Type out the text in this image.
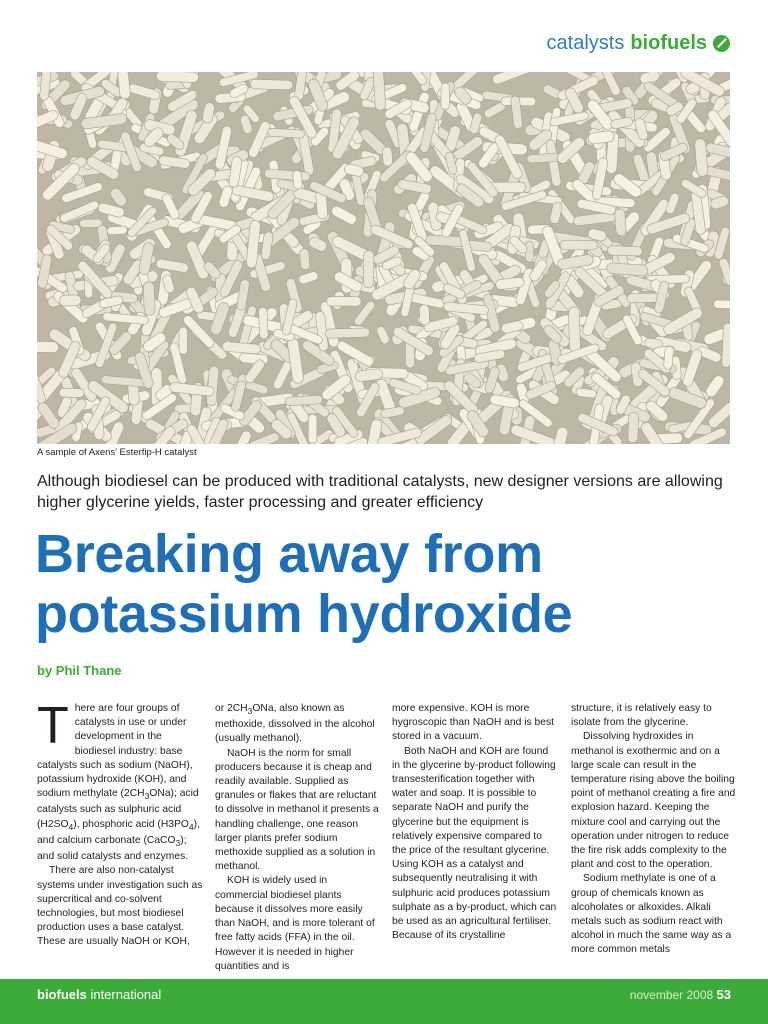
catalysts biofuels
A sample of Axens’ Esterfip-H catalyst
Although biodiesel can be produced with traditional catalysts, new designer versions are allowing higher glycerine yields, faster processing and greater efficiency
Breaking away from
potassium hydroxide
by Phil Thane

There are four groups of catalysts in use or under development in the biodiesel industry: base catalysts such as sodium (NaOH), potassium hydroxide (KOH), and sodium methylate $(2CH_3ONa)$; acid catalysts such as sulphuric acid $(H2SO_4)$, phosphoric acid $(H3PO_4)$, and calcium carbonate (CaCO$_3$); and solid catalysts and enzymes.

There are also non-catalyst systems under investigation such as supercritical and co-solvent technologies, but most biodiesel production uses a base catalyst. These are usually NaOH or KOH,

or $2CH_3ONa$, also known as methoxide, dissolved in the alcohol (usually methanol).

NaOH is the norm for small producers because it is cheap and readily available. Supplied as granules or flakes that are reluctant to dissolve in methanol it presents a handling challenge, one reason larger plants prefer sodium methoxide supplied as a solution in methanol.

KOH is widely used in commercial biodiesel plants because it dissolves more easily than NaOH, and is more tolerant of free fatty acids (FFA) in the oil. However it is needed in higher quantities and is

more expensive. KOH is more hygroscopic than NaOH and is best stored in a vacuum.

Both NaOH and KOH are found in the glycerine by-product following transesterification together with water and soap. It is possible to separate NaOH and purify the glycerine but the equipment is relatively expensive compared to the price of the resultant glycerine. Using KOH as a catalyst and subsequently neutralising it with sulphuric acid produces potassium sulphate as a by-product, which can be used as an agricultural fertiliser. Because of its crystalline

structure, it is relatively easy to isolate from the glycerine.

Dissolving hydroxides in methanol is exothermic and on a large scale can result in the temperature rising above the boiling point of methanol creating a fire and explosion hazard. Keeping the mixture cool and carrying out the operation under nitrogen to reduce the fire risk adds complexity to the plant and cost to the operation.

Sodium methylate is one of a group of chemicals known as alcoholates or alkoxides. Alkali metals such as sodium react with alcohol in much the same way as a more common metals

biofuels international	november 2008 53
